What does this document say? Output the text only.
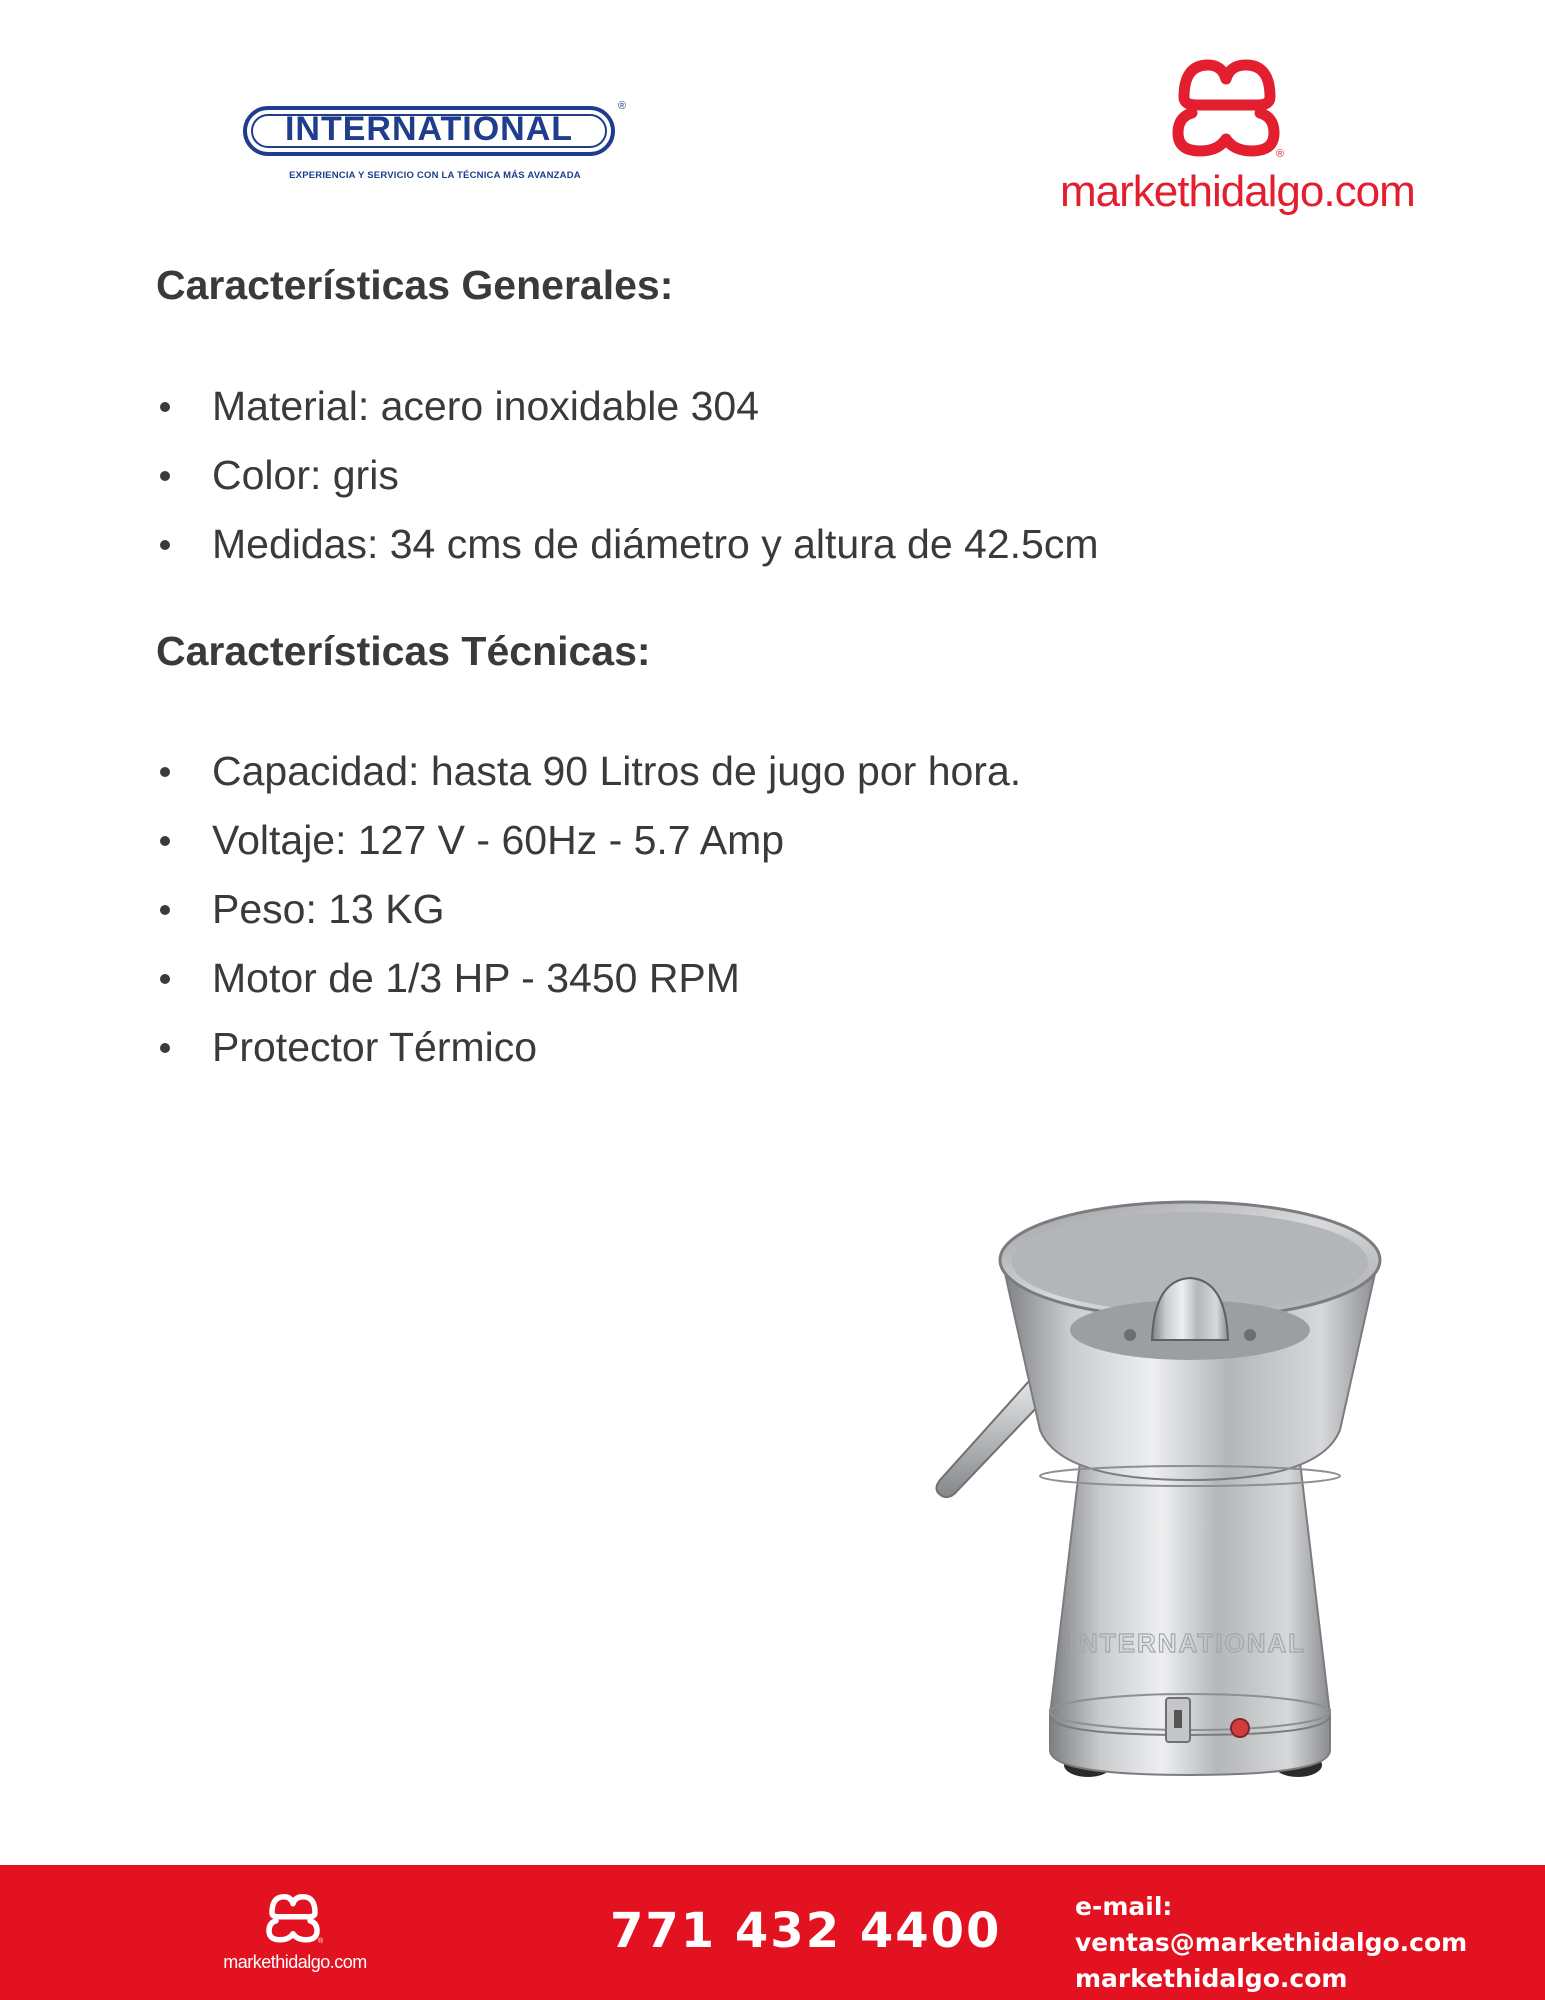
INTERNATIONAL
®
EXPERIENCIA Y SERVICIO CON LA TÉCNICA MÁS AVANZADA
®
markethidalgo.com
Características Generales:
Material: acero inoxidable 304
Color: gris
Medidas: 34 cms de diámetro y altura de 42.5cm
Características Técnicas:
Capacidad: hasta 90 Litros de jugo por hora.
Voltaje: 127 V - 60Hz - 5.7 Amp
Peso: 13 KG
Motor de 1/3 HP - 3450 RPM
Protector Térmico
INTERNATIONAL
®
markethidalgo.com
771 432 4400	e-mail: ventas@markethidalgo.com
markethidalgo.com
